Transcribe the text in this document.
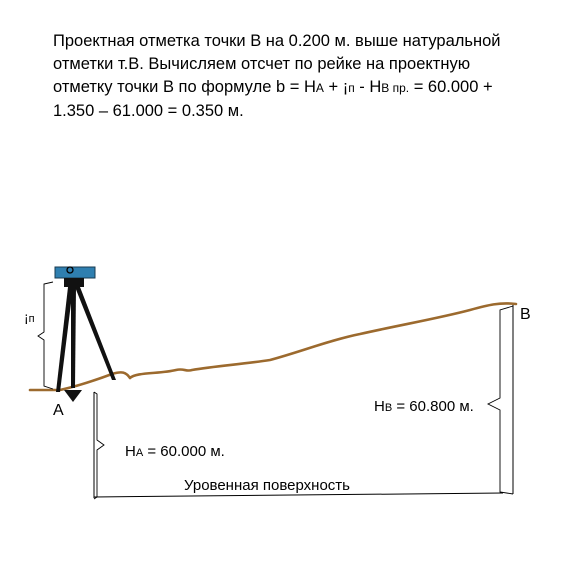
Проектная отметка точки В на 0.200 м. выше натуральной
отметки т.В. Вычисляем отсчет по рейке на проектную
отметку точки В по формуле b = НА + ¡п - НВ пр. = 60.000 +
1.350 – 61.000 = 0.350 м.

¡п
А
В
НА = 60.000 м.
НВ = 60.800 м.
Уровенная поверхность
